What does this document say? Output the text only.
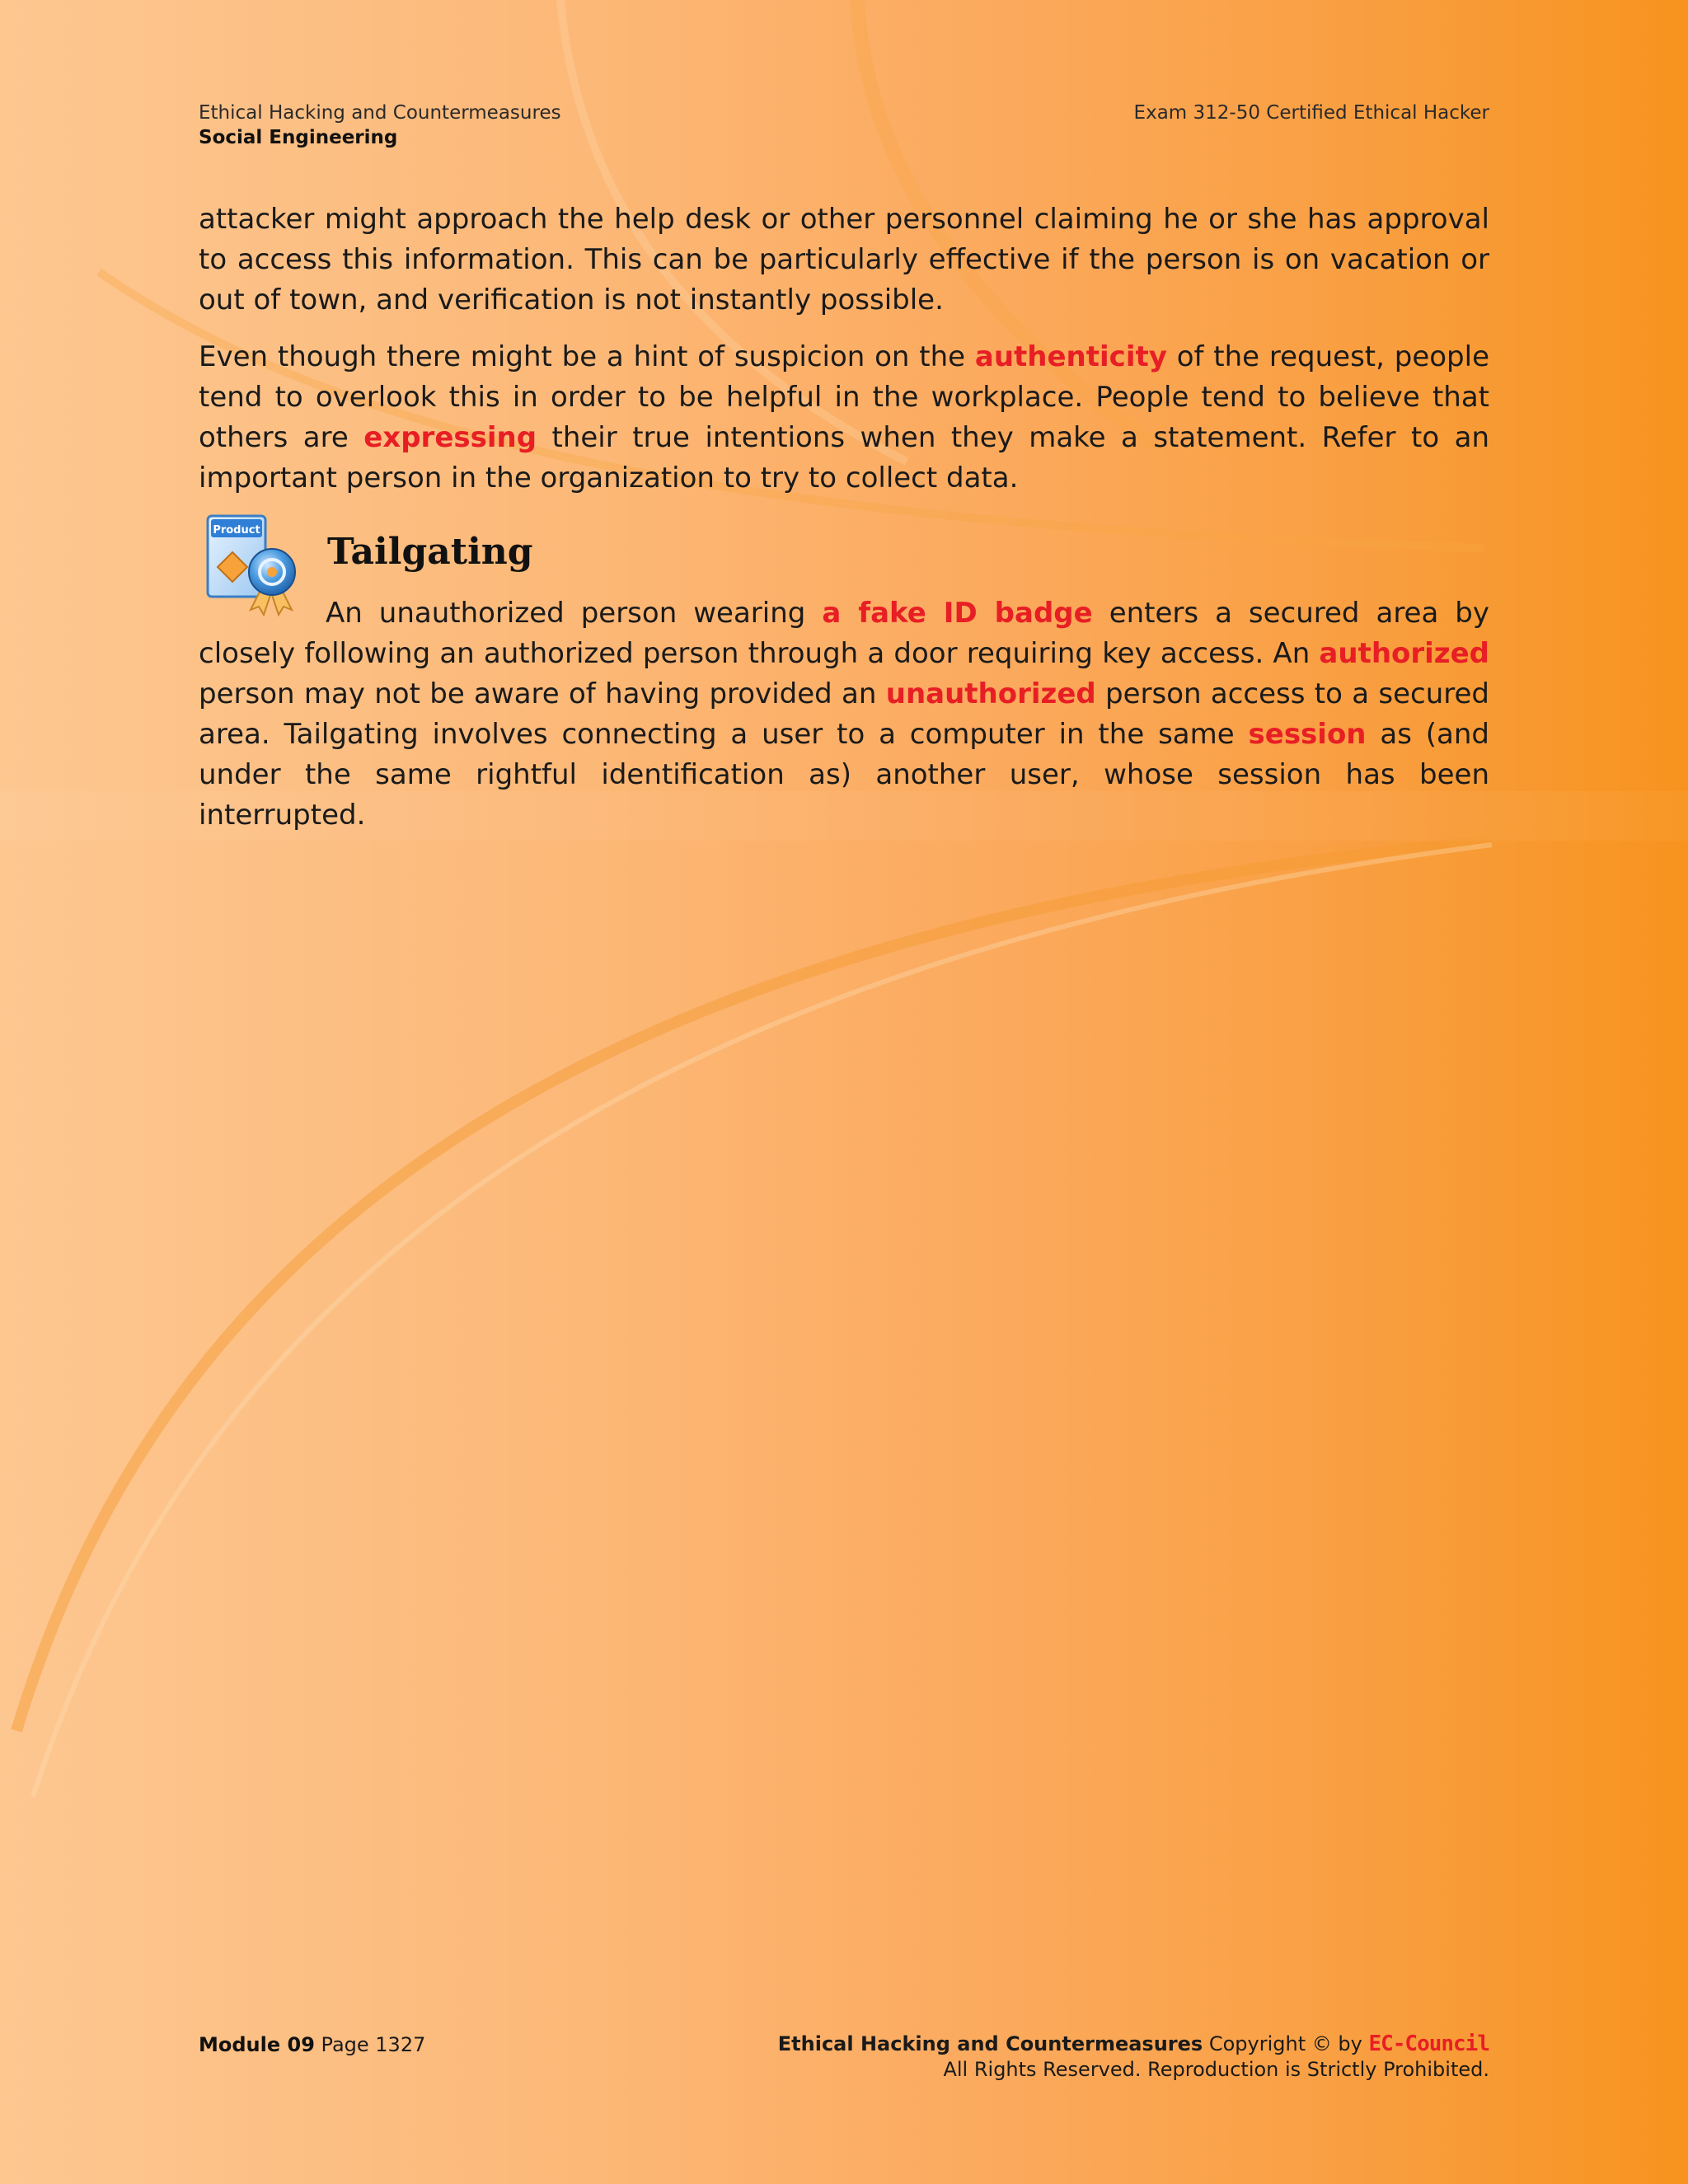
Ethical Hacking and Countermeasures
Social Engineering
Exam 312-50 Certified Ethical Hacker

attacker might approach the help desk or other personnel claiming he or she has approval to access this information. This can be particularly effective if the person is on vacation or out of town, and verification is not instantly possible.

Even though there might be a hint of suspicion on the authenticity of the request, people tend to overlook this in order to be helpful in the workplace. People tend to believe that others are expressing their true intentions when they make a statement. Refer to an important person in the organization to try to collect data.

Product
Tailgating

An unauthorized person wearing a fake ID badge enters a secured area by closely following an authorized person through a door requiring key access. An authorized person may not be aware of having provided an unauthorized person access to a secured area. Tailgating involves connecting a user to a computer in the same session as (and under the same rightful identification as) another user, whose session has been interrupted.

Module 09 Page 1327	Ethical Hacking and Countermeasures Copyright © by EC-Council
All Rights Reserved. Reproduction is Strictly Prohibited.
